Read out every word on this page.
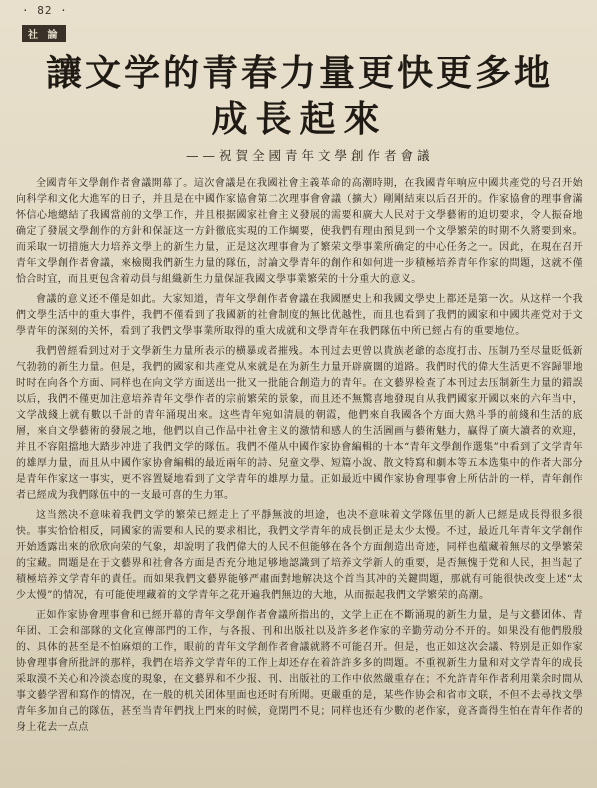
· 82 ·
社 論
讓文学的青春力量更快更多地
成長起來
——祝賀全國青年文學創作者會議

全國青年文學創作者會議開幕了。這次會議是在我國社會主義革命的高潮時期，在我國青年响应中國共產党的号召开始向科学和文化大進军的日子，并且是在中國作家協會第二次理事會會議（擴大）剛剛結束以后召开的。作家協會的理事會滿怀信心地總結了我國當前的文學工作，并且根据國家社會主义發展的需要和廣大人民对于文學藝術的迫切要求，令人振奋地确定了發展文學創作的方針和保証这一方針徹底实現的工作綱要，使我們有理由預見到一个文學繁荣的时期不久將要到來。而采取一切措施大力培养文學上的新生力量，正是这次理事會为了繁荣文學事業所确定的中心任务之一。因此，在現在召开青年文學創作者會議，來檢閱我們新生力量的隊伍，討論文學青年的創作和如何进一步積極培养青年作家的問題，这就不僅恰合时宜，而且更包含着动員与組織新生力量保証我國文學事業繁荣的十分重大的意义。

會議的意义还不僅是如此。大家知道，青年文學創作者會議在我國歷史上和我國文學史上都还是第一次。从这样一个我們文學生活中的重大事件，我們不僅看到了我國新的社會制度的無比优越性，而且也看到了我們的國家和中國共產党对于文學青年的深刻的关怀，看到了我們文學事業所取得的重大成就和文學青年在我們隊伍中所已經占有的重要地位。

我們曾經看到过对于文學新生力量所表示的横暴或者摧残。本刊过去更曾以貴族老爺的态度打击、压制乃至尽量貶低新气勃勃的新生力量。但是，我們的國家和共產党从來就是在为新生力量开辟廣闊的道路。我們时代的偉大生活更不容歸罪地时时在向各个方面、同样也在向文学方面送出一批又一批能合創造力的青年。在文藝界检查了本刊过去压制新生力量的錯誤以后，我們不僅更加注意培养青年文學作者的宗前繁荣的景象，而且还不無驚喜地發現自从我們國家开國以來的六年当中，文学战綫上就有數以千計的青年涌現出來。这些青年宛如清晨的朝霞，他們來自我國各个方面大熟斗爭的前綫和生活的底層，來自文學藝術的發展之地，他們以自己作品中社會主义的激情和感人的生活圖画与藝術魅力，贏得了廣大讀者的欢迎，并且不容阻擋地大踏步冲进了我們文学的隊伍。我們不僅从中國作家协會編輯的十本“青年文學創作選集”中看到了文学青年的雄厚力量，而且从中國作家协會編輯的最近兩年的詩、兒童文學、短篇小說、散文特寫和劇本等五本选集中的作者大部分是青年作家这一事实，更不容置疑地看到了文学青年的雄厚力量。正如最近中國作家协會理事會上所估計的一样，青年創作者已經成为我們隊伍中的一支最可喜的生力軍。

这当然决不意味着我們文学的繁荣已經走上了平靜無波的坦途，也决不意味着文学隊伍里的新人已經是成長得很多很快。事实恰恰相反，同國家的需要和人民的要求相比，我們文学青年的成長倒正是太少太慢。不过，最近几年青年文学創作开始透露出來的欣欣向荣的气象，却說明了我們偉大的人民不但能够在各个方面創造出奇迹，同样也蕴藏着無尽的文學繁荣的宝藏。問題是在于文藝界和社會各方面是否充分地足够地認識到了培养文学新人的重要，是否無愧于党和人民，担当起了積極培养文学青年的責任。而如果我們文藝界能够严肅面對地解决这个首当其冲的关鍵問題，那就有可能很快改变上述“太少太慢”的情况，有可能使埋藏着的文学青年之花开遍我們無边的大地，从而振起我們文学繁荣的高潮。

正如作家协會理事會和已經开幕的青年文學創作者會議所指出的，文学上正在不斷涌現的新生力量，是与文藝团体、青年团、工会和部隊的文化宣傳部門的工作，与各报、刊和出版社以及許多老作家的辛勤劳动分不开的。如果没有他們殷殷的、具体的甚至是不怕麻煩的工作，眼前的青年文学創作者會議就將不可能召开。但是，也正如这次会議、特别是正如作家协會理事會所批評的那样，我們在培养文学青年的工作上却还存在着許許多多的問題。不重视新生力量和对文学青年的成長采取漠不关心和冷淡态度的現象，在文藝界和不少报、刊、出版社的工作中依然嚴重存在；不允許青年作者利用業余时間从事文藝学習和寫作的情况，在一般的机关团体里面也还时有所聞。更嚴重的是，某些作协会和省市文联，不但不去尋找文學青年多加自己的隊伍，甚至当青年們找上門來的时候，竟閉門不見；同样也还有少數的老作家，竟吝嗇得生怕在青年作者的身上花去一点点
